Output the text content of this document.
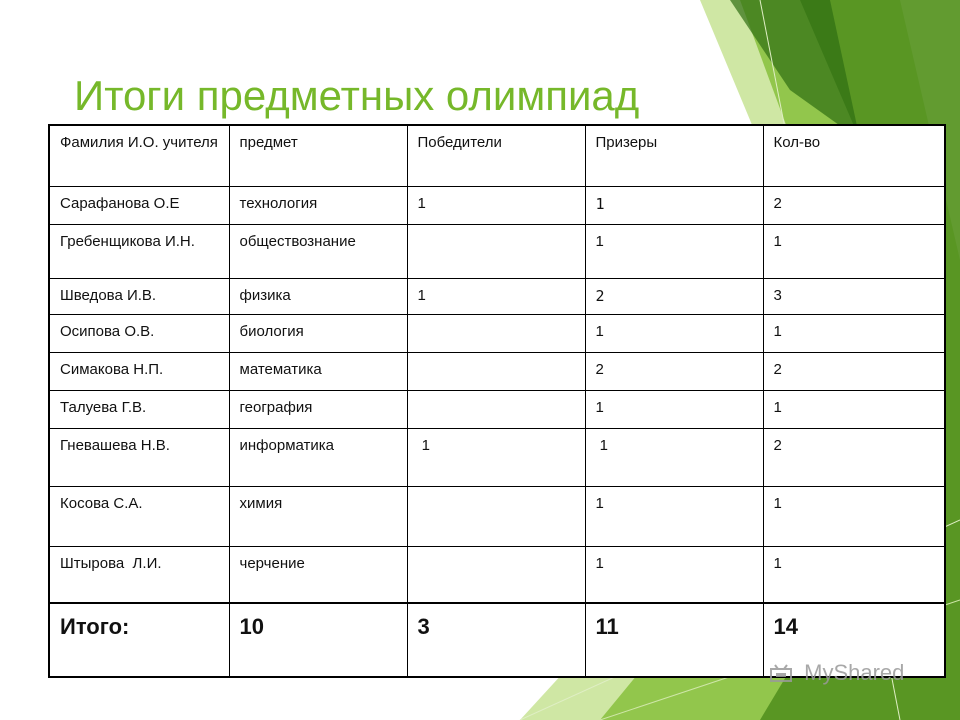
Итоги предметных олимпиад
Фамилия И.О. учителя	предмет	Победители	Призеры	Кол-во
Сарафанова О.Е	технология	1	1	2
Гребенщикова И.Н.	обществознание		1	1
Шведова И.В.	физика	1	2	3
Осипова О.В.	биология		1	1
Симакова Н.П.	математика		2	2
Талуева Г.В.	география		1	1
Гневашева Н.В.	информатика	1	1	2
Косова С.А.	химия		1	1
Штырова  Л.И.	черчение		1	1
Итого:	10	3	11	14
MyShared
